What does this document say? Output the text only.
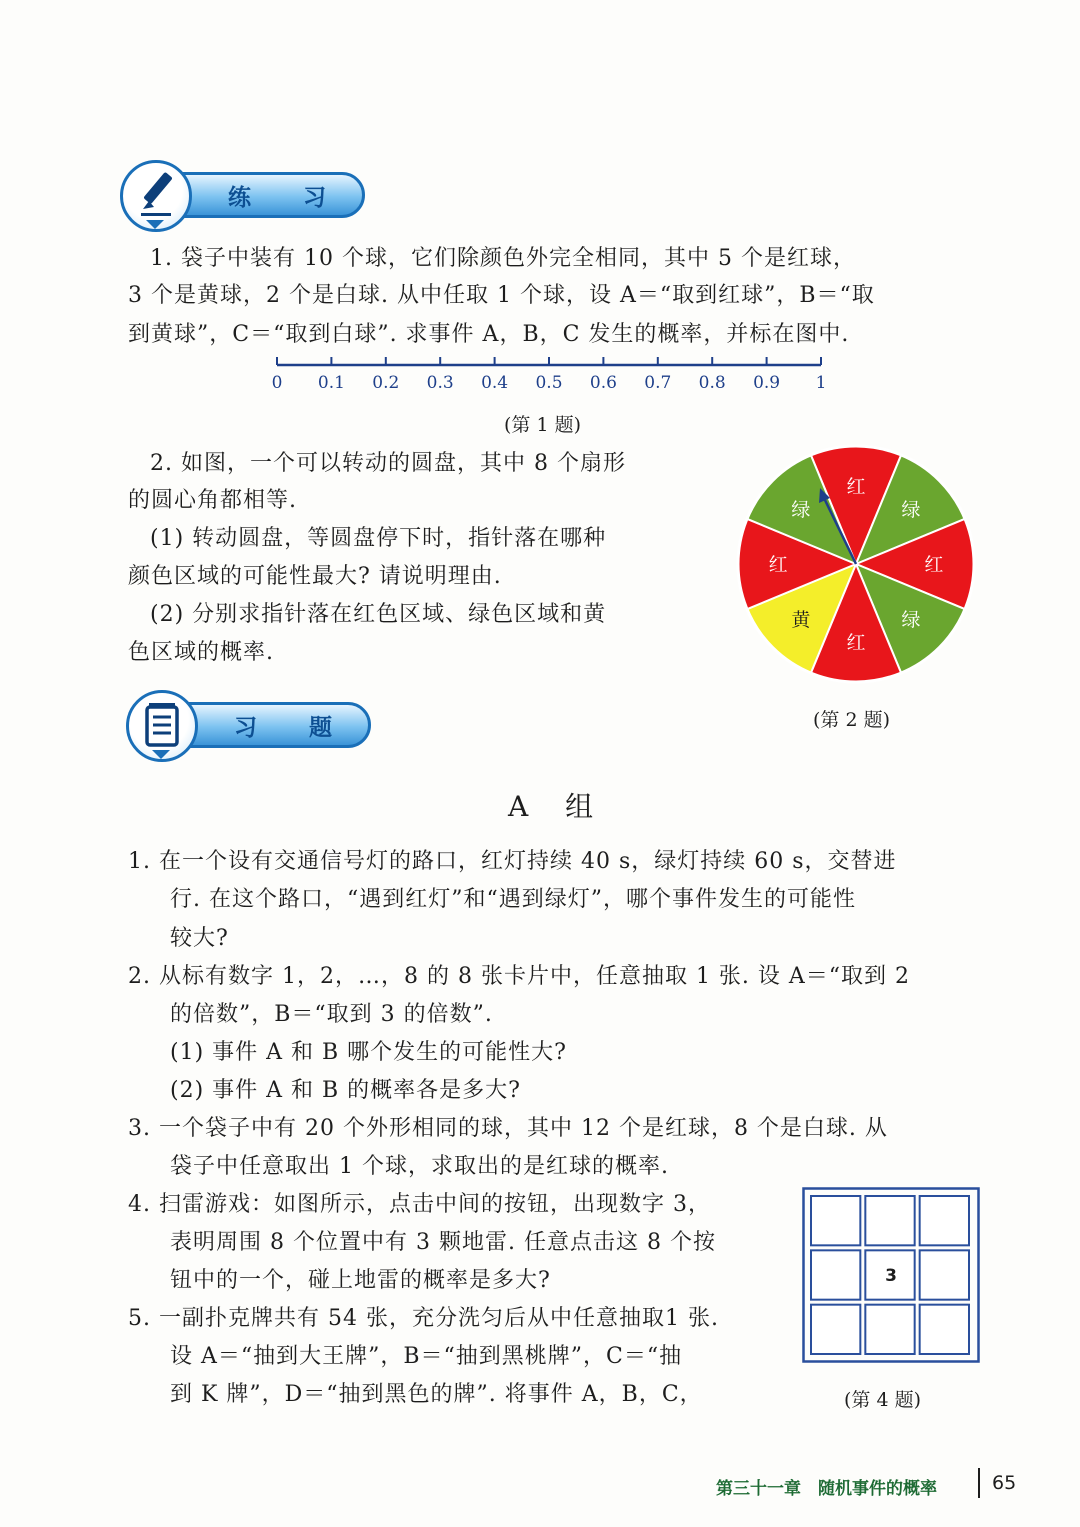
练 习
1. 袋子中装有 10 个球，它们除颜色外完全相同，其中 5 个是红球，
3 个是黄球，2 个是白球. 从中任取 1 个球，设 A＝“取到红球”，B＝“取
到黄球”，C＝“取到白球”. 求事件 A，B，C 发生的概率，并标在图中.
0 0.1 0.2 0.3 0.4 0.5 0.6 0.7 0.8 0.9 1
(第 1 题)
2. 如图，一个可以转动的圆盘，其中 8 个扇形
的圆心角都相等.
(1) 转动圆盘，等圆盘停下时，指针落在哪种
颜色区域的可能性最大? 请说明理由.
(2) 分别求指针落在红色区域、绿色区域和黄
色区域的概率.
红
绿
红
绿
红
黄
红
绿
(第 2 题)
习 题
A 组
1. 在一个设有交通信号灯的路口，红灯持续 40 s，绿灯持续 60 s，交替进
行. 在这个路口，“遇到红灯”和“遇到绿灯”，哪个事件发生的可能性
较大?
2. 从标有数字 1，2，…，8 的 8 张卡片中，任意抽取 1 张. 设 A＝“取到 2
的倍数”，B＝“取到 3 的倍数”.
(1) 事件 A 和 B 哪个发生的可能性大?
(2) 事件 A 和 B 的概率各是多大?
3. 一个袋子中有 20 个外形相同的球，其中 12 个是红球，8 个是白球. 从
袋子中任意取出 1 个球，求取出的是红球的概率.
4. 扫雷游戏：如图所示，点击中间的按钮，出现数字 3，
表明周围 8 个位置中有 3 颗地雷. 任意点击这 8 个按
钮中的一个，碰上地雷的概率是多大?
5. 一副扑克牌共有 54 张，充分洗匀后从中任意抽取1 张.
设 A＝“抽到大王牌”，B＝“抽到黑桃牌”，C＝“抽
到 K 牌”，D＝“抽到黑色的牌”. 将事件 A，B，C，
3
(第 4 题)
第三十一章　随机事件的概率	65
